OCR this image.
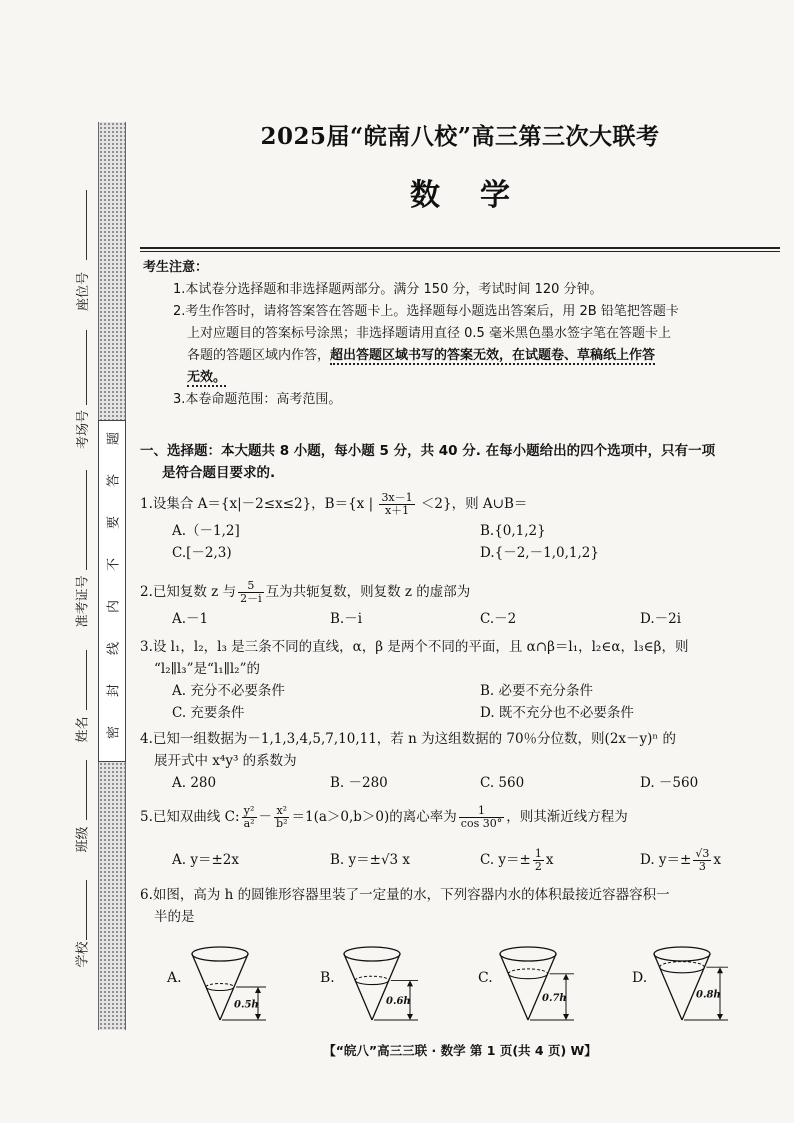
题
答
要
不
内
线
封
密
座位号
考场号
准考证号
姓名
班级
学校
2025届“皖南八校”高三第三次大联考
数学
考生注意：
1.本试卷分选择题和非选择题两部分。满分 150 分，考试时间 120 分钟。
2.考生作答时，请将答案答在答题卡上。选择题每小题选出答案后，用 2B 铅笔把答题卡
上对应题目的答案标号涂黑；非选择题请用直径 0.5 毫米黑色墨水签字笔在答题卡上
各题的答题区域内作答，超出答题区域书写的答案无效，在试题卷、草稿纸上作答
无效。
3.本卷命题范围：高考范围。
一、选择题：本大题共 8 小题，每小题 5 分，共 40 分. 在每小题给出的四个选项中，只有一项
是符合题目要求的.
1.设集合 A＝{x|－2≤x≤2}，B＝{x | $\frac{3x-1}{x+1} <2$}，则 A∪B＝
A.（－1,2]	B.{0,1,2}
C.[－2,3)	D.{－2,－1,0,1,2}
2.已知复数 z 与 $\frac{5}{2-i}$ 互为共轭复数，则复数 z 的虚部为
A.－1	B.－i	C.－2	D.－2i
3.设 l₁，l₂，l₃ 是三条不同的直线，α，β 是两个不同的平面，且 α∩β＝l₁，l₂∈α，l₃∈β，则
“l₂∥l₃”是“l₁∥l₂”的
A. 充分不必要条件	B. 必要不充分条件
C. 充要条件	D. 既不充分也不必要条件
4.已知一组数据为－1,1,3,4,5,7,10,11，若 n 为这组数据的 70％分位数，则(2x－y)ⁿ 的
展开式中 x⁴y³ 的系数为
A. 280	B. －280	C. 560	D. －560
5.已知双曲线 C: $\frac{\text{y²}}{\text{a²}} - \frac{\text{x²}}{\text{b²}} =1(a>0,b>0)$的离心率为 $\frac{1}{\cos 30^\circ}$ ，则其渐近线方程为
A. y＝±2x	B. y＝±√3 x	C. $y=\pm \frac{1}{2}$ x	D. $y=\pm \frac{√3}{3}$ x
6.如图，高为 h 的圆锥形容器里装了一定量的水，下列容器内水的体积最接近容器容积一
半的是
A.
0.5h
B.
0.6h
C.
0.7h
D.
0.8h
【“皖八”高三三联 · 数学 第 1 页(共 4 页) W】
